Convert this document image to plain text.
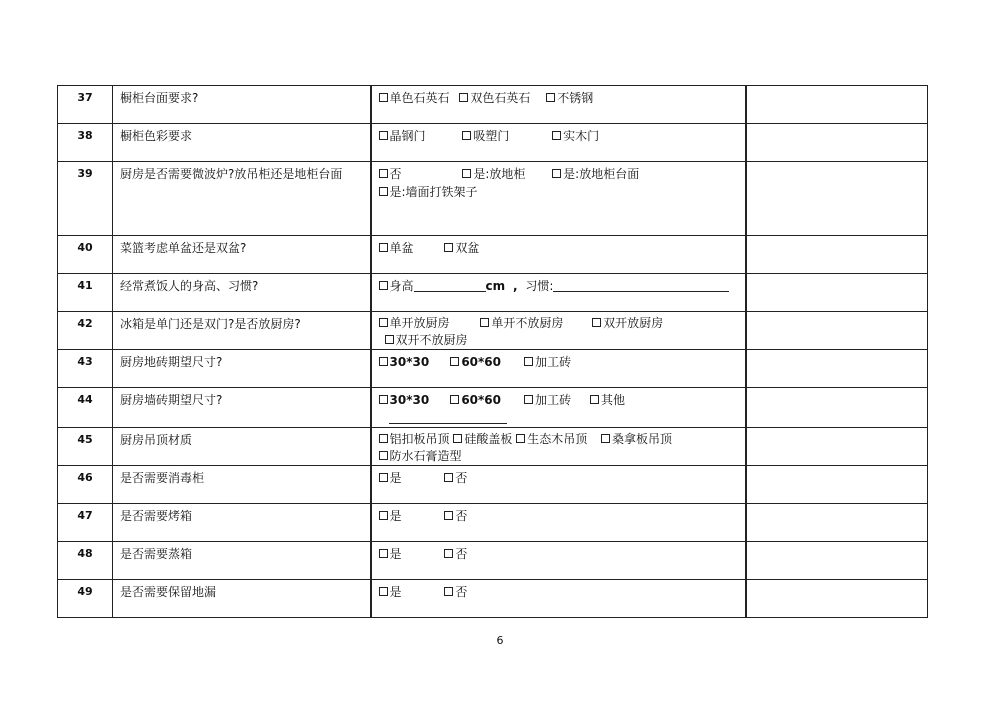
37	橱柜台面要求?	单色石英石 双色石英石 不锈钢	
38	橱柜色彩要求	晶钢门 吸塑门 实木门	
39	厨房是否需要微波炉?放吊柜还是地柜台面	否 是:放地柜 是:放地柜台面
是:墙面打铁架子	

40	菜篮考虑单盆还是双盆?	单盆 双盆	
41	经常煮饭人的身高、习惯?	身高 cm , 习惯:	
42	冰箱是单门还是双门?是否放厨房?	单开放厨房 单开不放厨房 双开放厨房
双开不放厨房	

43	厨房地砖期望尺寸?	30*30 60*60 加工砖	
44	厨房墙砖期望尺寸?	30*30 60*60 加工砖 其他	
45	厨房吊顶材质	铝扣板吊顶 硅酸盖板 生态木吊顶 桑拿板吊顶
防水石膏造型	

46	是否需要消毒柜	是 否	
47	是否需要烤箱	是 否	
48	是否需要蒸箱	是 否	
49	是否需要保留地漏	是 否	
6
